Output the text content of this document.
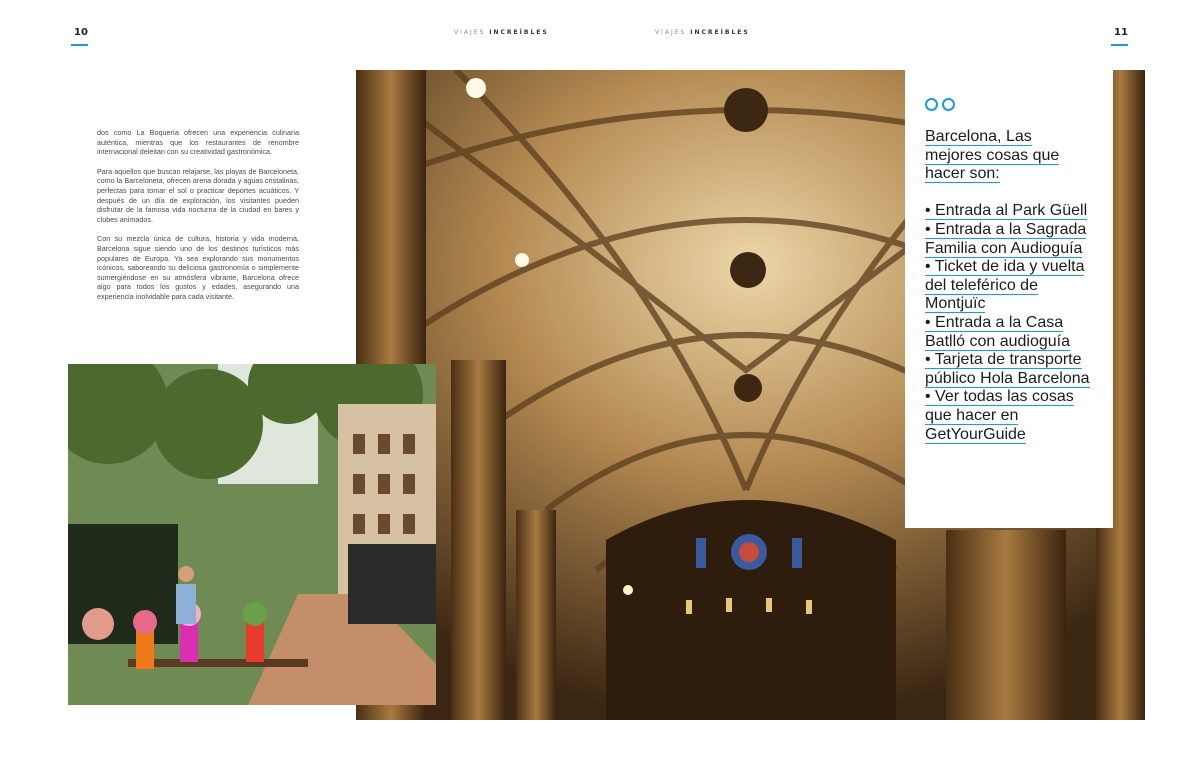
10	11
VIAJES INCREÍBLES	VIAJES INCREÍBLES

dos como La Boquería ofrecen una experiencia culinaria auténtica, mientras que los restaurantes de renombre internacional deleitan con su creatividad gastronómica.

Para aquellos que buscan relajarse, las playas de Barceloneta, como la Barceloneta, ofrecen arena dorada y aguas cristalinas, perfectas para tomar el sol o practicar deportes acuáticos. Y después de un día de exploración, los visitantes pueden disfrutar de la famosa vida nocturna de la ciudad en bares y clubes animados.

Con su mezcla única de cultura, historia y vida moderna, Barcelona sigue siendo uno de los destinos turísticos más populares de Europa. Ya sea explorando sus monumentos icónicos, saboreando su deliciosa gastronomía o simplemente sumergiéndose en su atmósfera vibrante, Barcelona ofrece algo para todos los gustos y edades, asegurando una experiencia inolvidable para cada visitante.

Barcelona, Las mejores cosas que hacer son:
• Entrada al Park Güell
• Entrada a la Sagrada Familia con Audioguía
• Ticket de ida y vuelta del teleférico de Montjuïc
• Entrada a la Casa Batlló con audioguía
• Tarjeta de transporte público Hola Barcelona
• Ver todas las cosas que hacer en GetYourGuide
